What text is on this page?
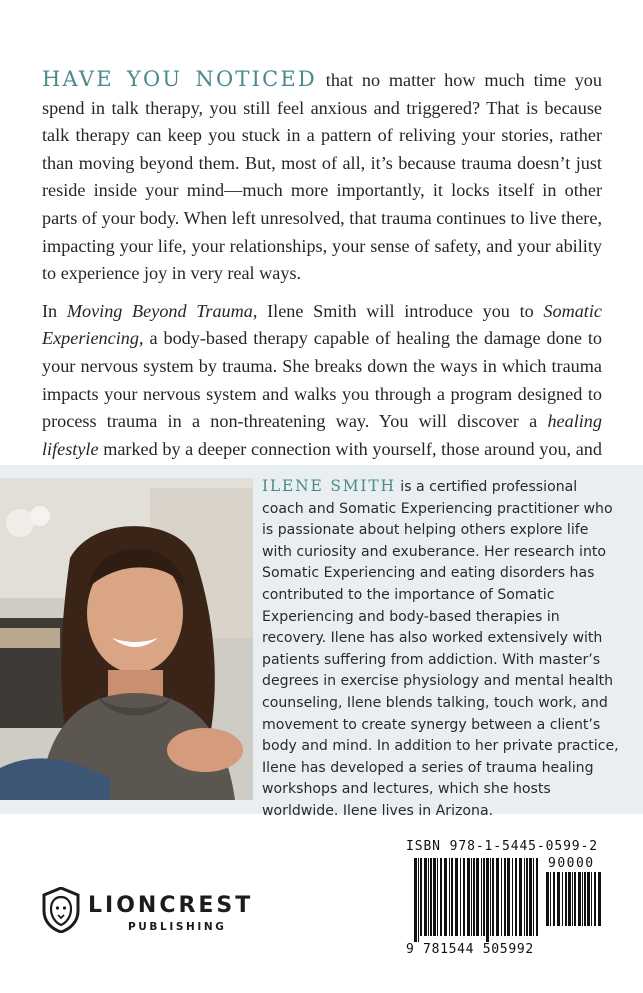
HAVE YOU NOTICED that no matter how much time you spend in talk therapy, you still feel anxious and triggered? That is because talk therapy can keep you stuck in a pattern of reliving your stories, rather than moving beyond them. But, most of all, it’s because trauma doesn’t just reside inside your mind—much more importantly, it locks itself in other parts of your body. When left unresolved, that trauma continues to live there, impacting your life, your relationships, your sense of safety, and your ability to experience joy in very real ways.

In Moving Beyond Trauma, Ilene Smith will introduce you to Somatic Experiencing, a body-based therapy capable of healing the damage done to your nervous system by trauma. She breaks down the ways in which trauma impacts your nervous system and walks you through a program designed to process trauma in a non-threatening way. You will discover a healing lifestyle marked by a deeper connection with yourself, those around you, and

ILENE SMITH is a certified professional coach and Somatic Experiencing practitioner who is passionate about helping others explore life with curiosity and exuberance. Her research into Somatic Experiencing and eating disorders has contributed to the importance of Somatic Experiencing and body-based therapies in recovery. Ilene has also worked extensively with patients suffering from addiction. With master’s degrees in exercise physiology and mental health counseling, Ilene blends talking, touch work, and movement to create synergy between a client’s body and mind. In addition to her private practice, Ilene has developed a series of trauma healing workshops and lectures, which she hosts worldwide. Ilene lives in Arizona.
LIONCREST
PUBLISHING
ISBN 978-1-5445-0599-2
90000
9 781544 505992
